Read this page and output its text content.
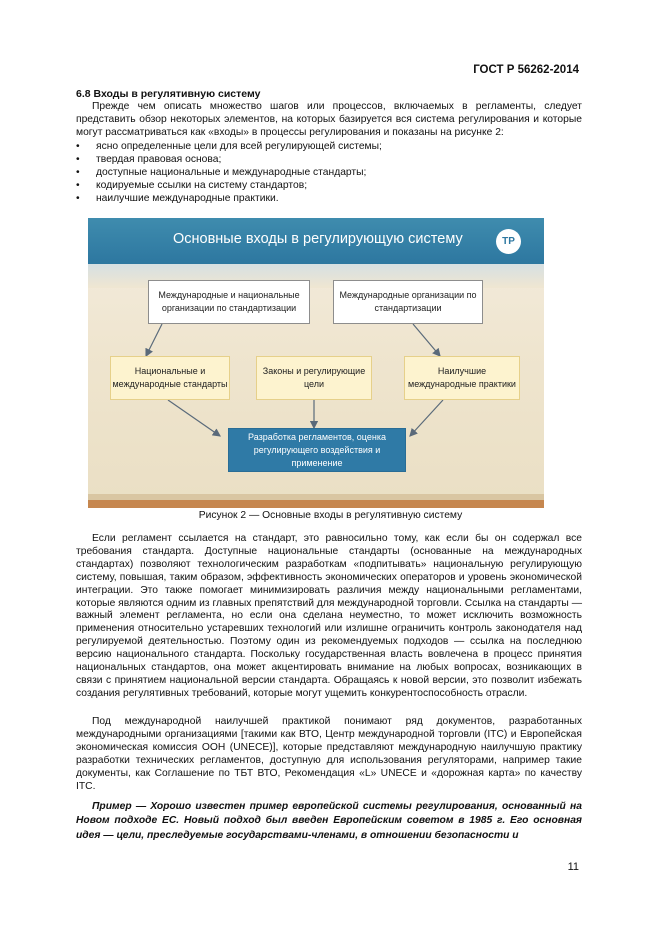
ГОСТ Р 56262-2014
6.8 Входы в регулятивную систему

Прежде чем описать множество шагов или процессов, включаемых в регламенты, следует представить обзор некоторых элементов, на которых базируется вся система регулирования и которые могут рассматриваться как «входы» в процессы регулирования и показаны на рисунке 2:

• ясно определенные цели для всей регулирующей системы;
• твердая правовая основа;
• доступные национальные и международные стандарты;
• кодируемые ссылки на систему стандартов;
• наилучшие международные практики.
Основные входы в регулирующую систему	ТР
Международные и национальные организации по стандартизации
Международные организации по стандартизации
Национальные и международные стандарты
Законы и регулирующие цели
Наилучшие международные практики
Разработка регламентов, оценка регулирующего воздействия и применение
Рисунок 2 — Основные входы в регулятивную систему

Если регламент ссылается на стандарт, это равносильно тому, как если бы он содержал все требования стандарта. Доступные национальные стандарты (основанные на международных стандартах) позволяют технологическим разработкам «подпитывать» национальную регулирующую систему, повышая, таким образом, эффективность экономических операторов и уровень экономической интеграции. Это также помогает минимизировать различия между национальными регламентами, которые являются одним из главных препятствий для международной торговли. Ссылка на стандарты — важный элемент регламента, но если она сделана неуместно, то может исключить возможность применения относительно устаревших технологий или излишне ограничить контроль законодателя над регулируемой деятельностью. Поэтому один из рекомендуемых подходов — ссылка на последнюю версию национального стандарта. Поскольку государственная власть вовлечена в процесс принятия национальных стандартов, она может акцентировать внимание на любых вопросах, возникающих в связи с принятием национальной версии стандарта. Обращаясь к новой версии, это позволит избежать создания регулятивных требований, которые могут ущемить конкурентоспособность отрасли.

Под международной наилучшей практикой понимают ряд документов, разработанных международными организациями [такими как ВТО, Центр международной торговли (ITC) и Европейская экономическая комиссия ООН (UNECE)], которые представляют международную наилучшую практику разработки технических регламентов, доступную для использования регуляторами, например такие документы, как Соглашение по ТБТ ВТО, Рекомендация «L» UNECE и «дорожная карта» по качеству ITC.

Пример — Хорошо известен пример европейской системы регулирования, основанный на Новом подходе ЕС. Новый подход был введен Европейским советом в 1985 г. Его основная идея — цели, преследуемые государствами-членами, в отношении безопасности и

11
